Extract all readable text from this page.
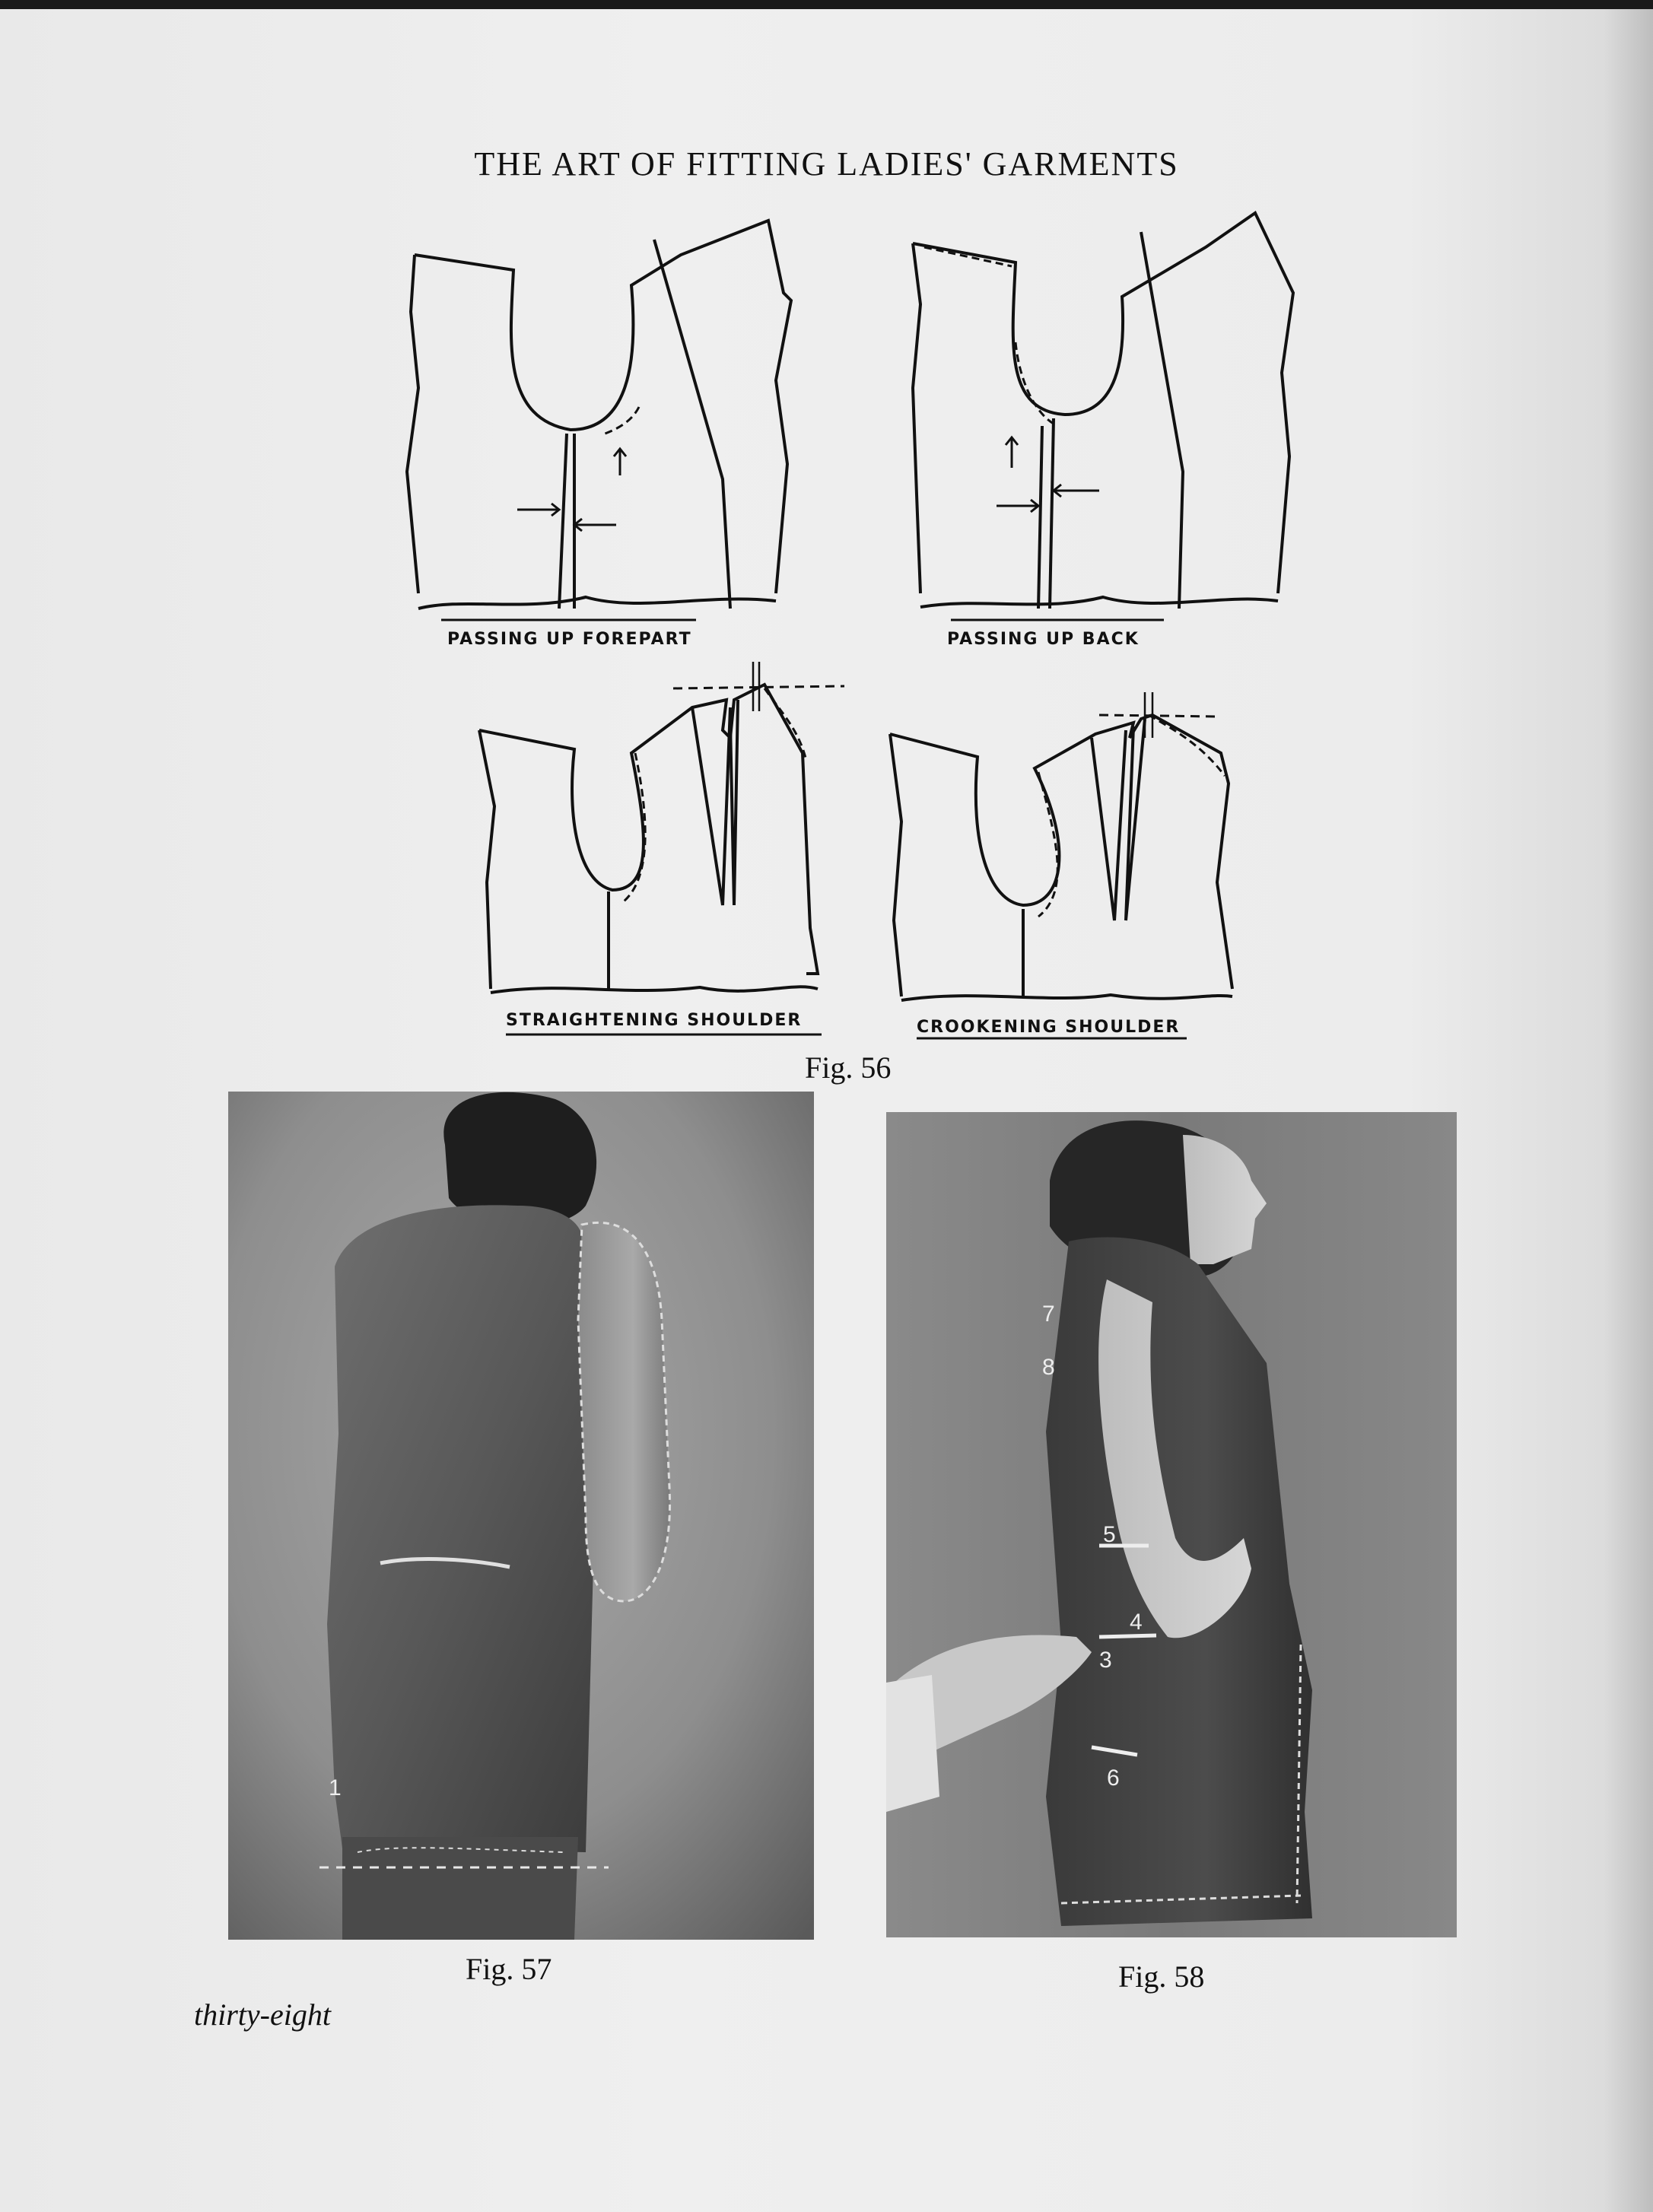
THE ART OF FITTING LADIES' GARMENTS
PASSING UP FOREPART	PASSING UP BACK
STRAIGHTENING SHOULDER	CROOKENING SHOULDER
Fig. 56
1
7
8
5
4
3
6
Fig. 57	Fig. 58
thirty-eight
